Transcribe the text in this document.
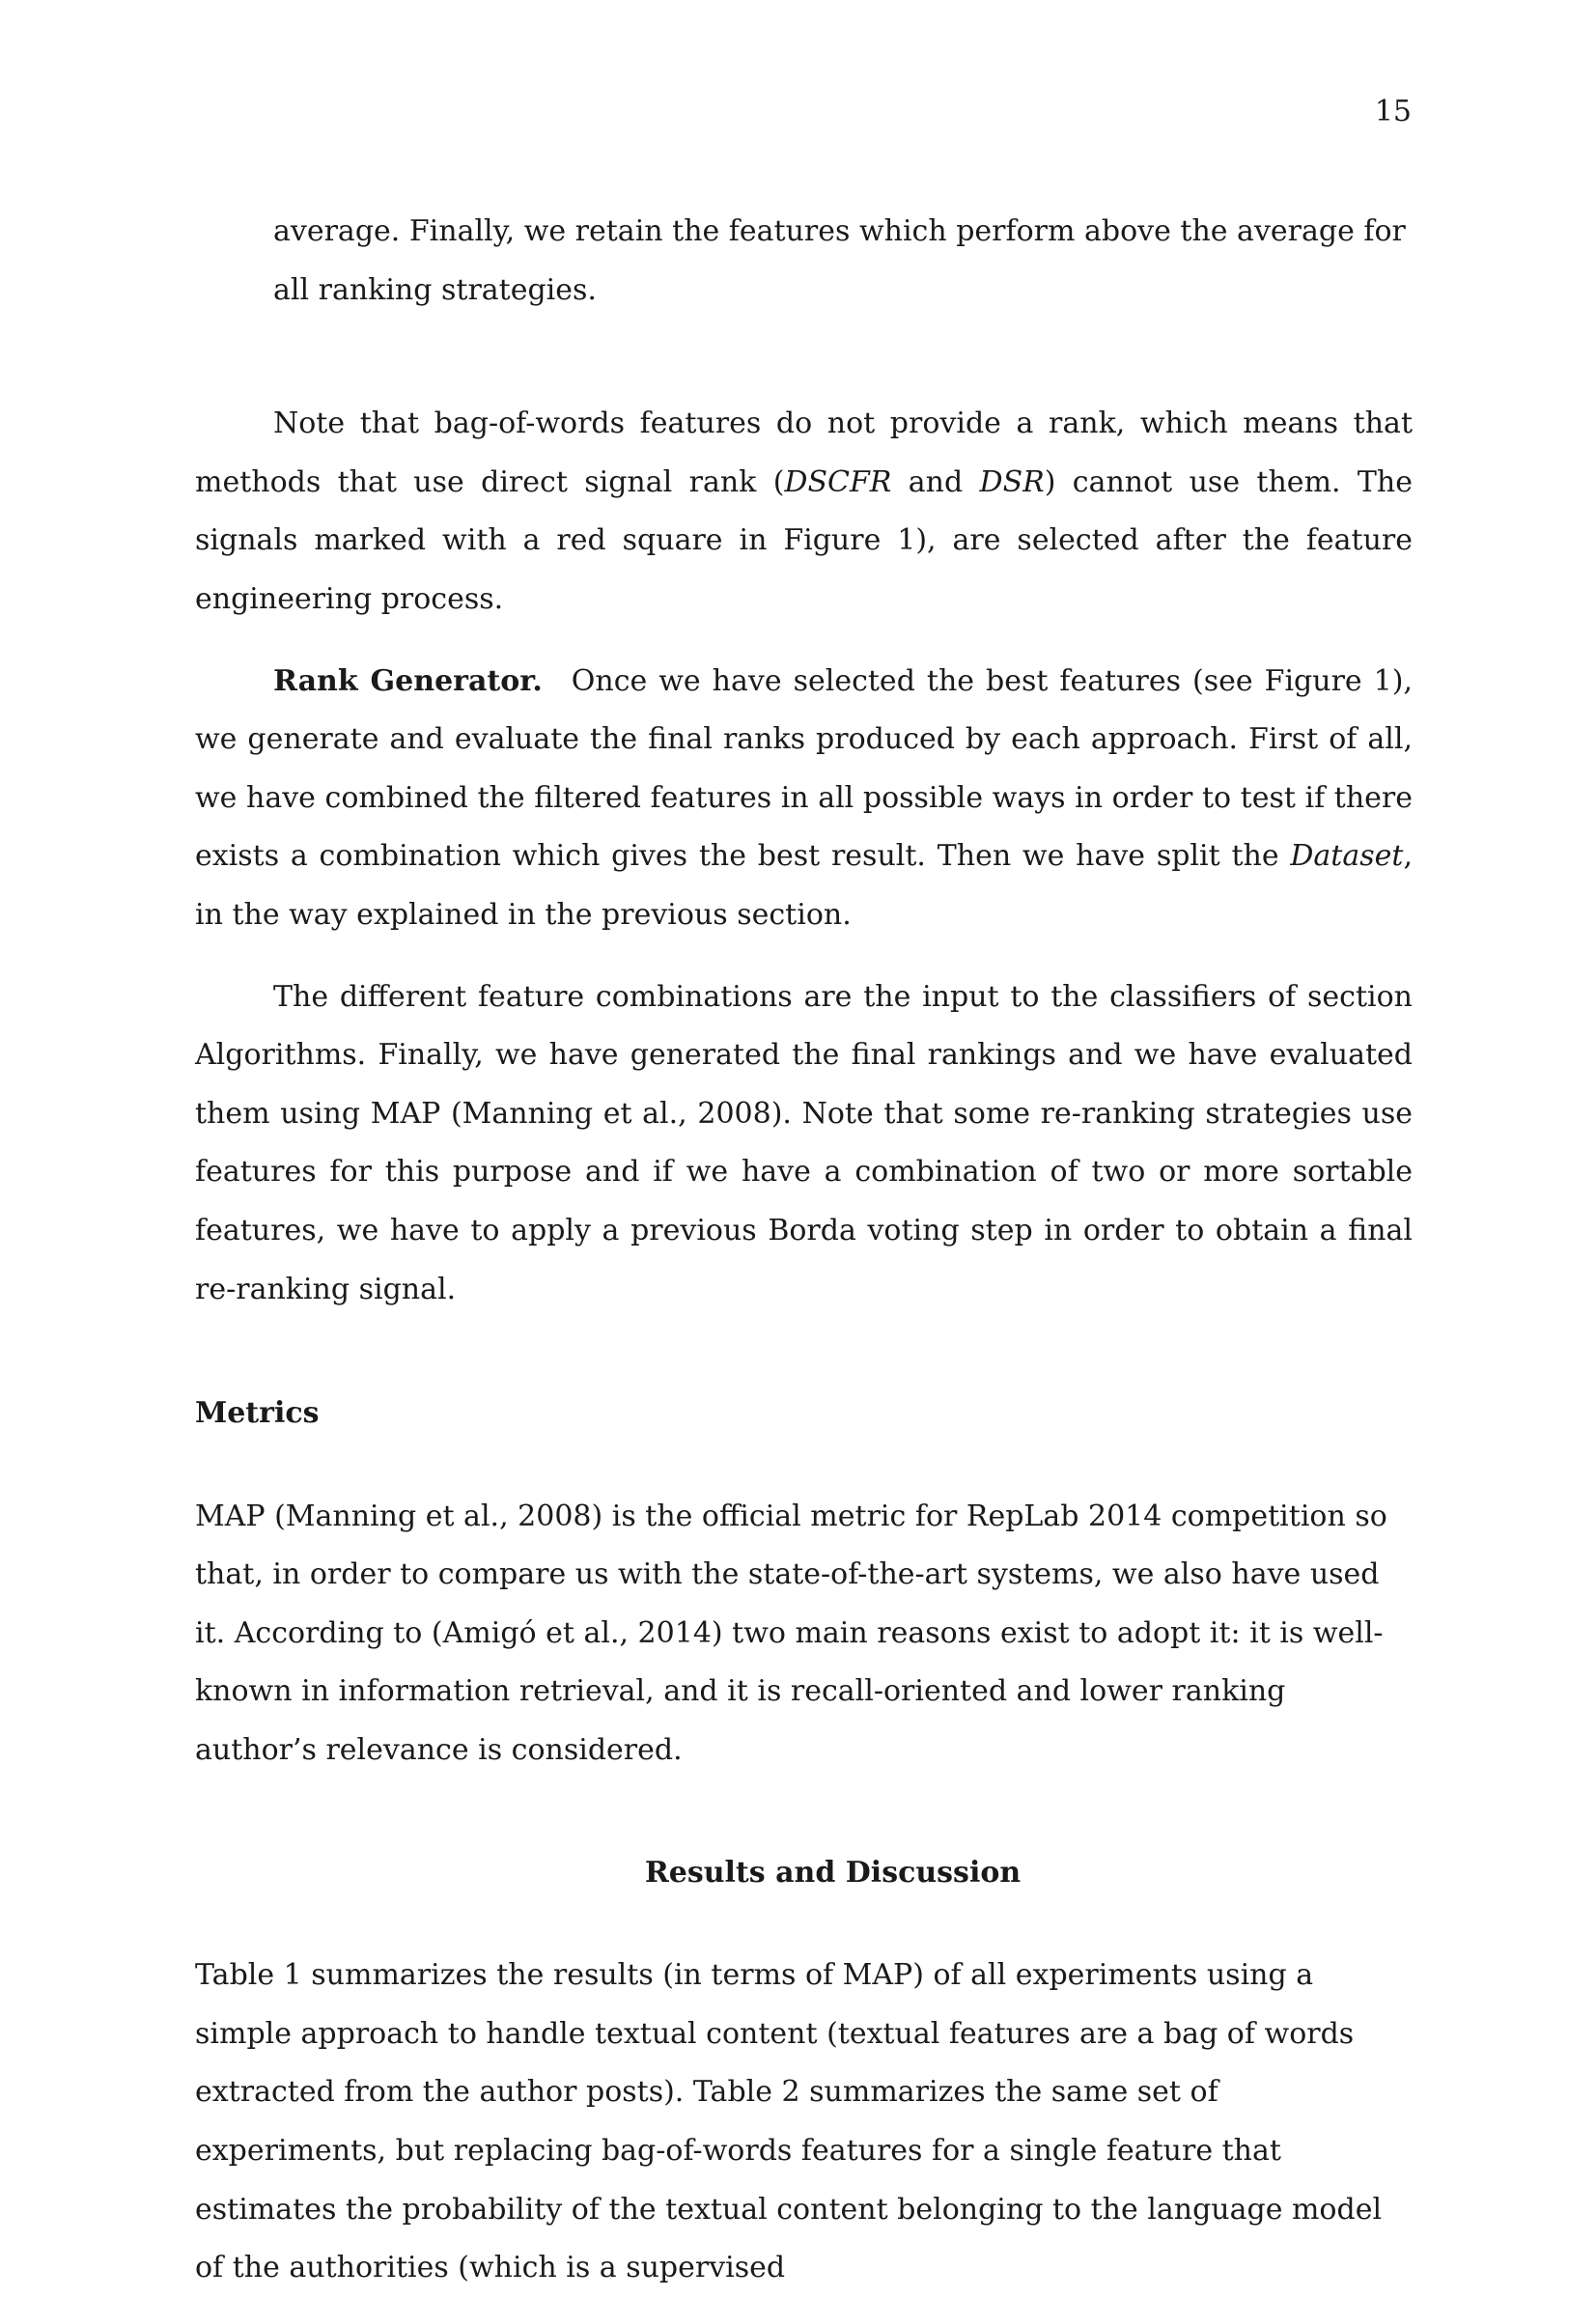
15

average. Finally, we retain the features which perform above the average for all ranking strategies.

Note that bag-of-words features do not provide a rank, which means that methods that use direct signal rank (DSCFR and DSR) cannot use them. The signals marked with a red square in Figure 1), are selected after the feature engineering process.

Rank Generator. Once we have selected the best features (see Figure 1), we generate and evaluate the final ranks produced by each approach. First of all, we have combined the filtered features in all possible ways in order to test if there exists a combination which gives the best result. Then we have split the Dataset, in the way explained in the previous section.

The different feature combinations are the input to the classifiers of section Algorithms. Finally, we have generated the final rankings and we have evaluated them using MAP (Manning et al., 2008). Note that some re-ranking strategies use features for this purpose and if we have a combination of two or more sortable features, we have to apply a previous Borda voting step in order to obtain a final re-ranking signal.

Metrics

MAP (Manning et al., 2008) is the official metric for RepLab 2014 competition so that, in order to compare us with the state-of-the-art systems, we also have used it. According to (Amigó et al., 2014) two main reasons exist to adopt it: it is well-known in information retrieval, and it is recall-oriented and lower ranking author’s relevance is considered.

Results and Discussion

Table 1 summarizes the results (in terms of MAP) of all experiments using a simple approach to handle textual content (textual features are a bag of words extracted from the author posts). Table 2 summarizes the same set of experiments, but replacing bag-of-words features for a single feature that estimates the probability of the textual content belonging to the language model of the authorities (which is a supervised
